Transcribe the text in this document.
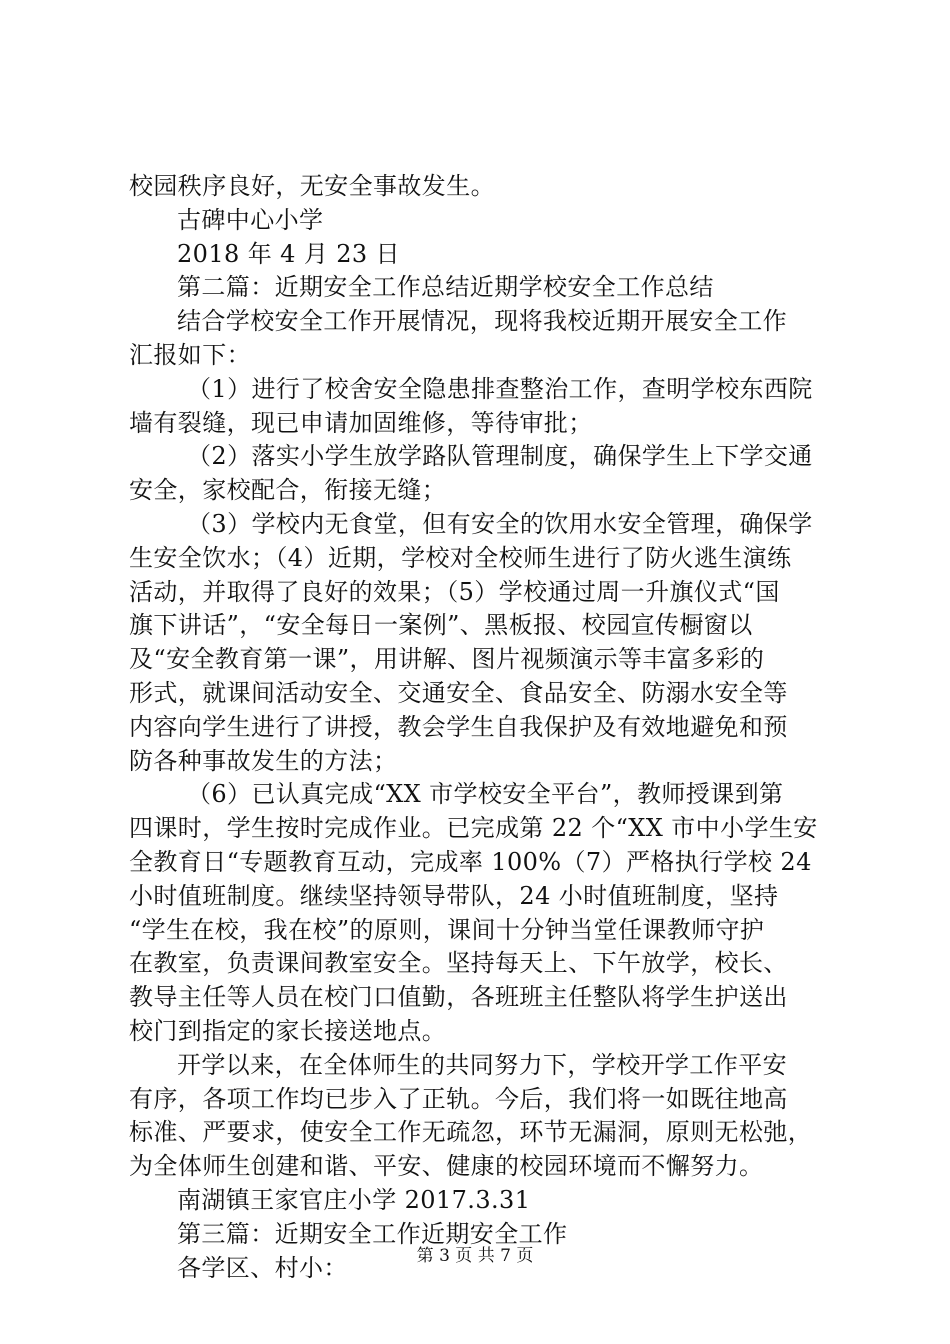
校园秩序良好，无安全事故发生。
古碑中心小学
2018 年 4 月 23 日
第二篇：近期安全工作总结近期学校安全工作总结
结合学校安全工作开展情况，现将我校近期开展安全工作
汇报如下：
（1）进行了校舍安全隐患排查整治工作，查明学校东西院
墙有裂缝，现已申请加固维修，等待审批；
（2）落实小学生放学路队管理制度，确保学生上下学交通
安全，家校配合，衔接无缝；
（3）学校内无食堂，但有安全的饮用水安全管理，确保学
生安全饮水；（4）近期，学校对全校师生进行了防火逃生演练
活动，并取得了良好的效果；（5）学校通过周一升旗仪式“国
旗下讲话”，“安全每日一案例”、黑板报、校园宣传橱窗以
及“安全教育第一课”，用讲解、图片视频演示等丰富多彩的
形式，就课间活动安全、交通安全、食品安全、防溺水安全等
内容向学生进行了讲授，教会学生自我保护及有效地避免和预
防各种事故发生的方法；
（6）已认真完成“XX 市学校安全平台”，教师授课到第
四课时，学生按时完成作业。已完成第 22 个“XX 市中小学生安
全教育日“专题教育互动，完成率 100%（7）严格执行学校 24
小时值班制度。继续坚持领导带队，24 小时值班制度，坚持
“学生在校，我在校”的原则，课间十分钟当堂任课教师守护
在教室，负责课间教室安全。坚持每天上、下午放学，校长、
教导主任等人员在校门口值勤，各班班主任整队将学生护送出
校门到指定的家长接送地点。
开学以来，在全体师生的共同努力下，学校开学工作平安
有序，各项工作均已步入了正轨。今后，我们将一如既往地高
标准、严要求，使安全工作无疏忽，环节无漏洞，原则无松弛，
为全体师生创建和谐、平安、健康的校园环境而不懈努力。
南湖镇王家官庄小学 2017.3.31
第三篇：近期安全工作近期安全工作
各学区、村小：	第 3 页 共 7 页
